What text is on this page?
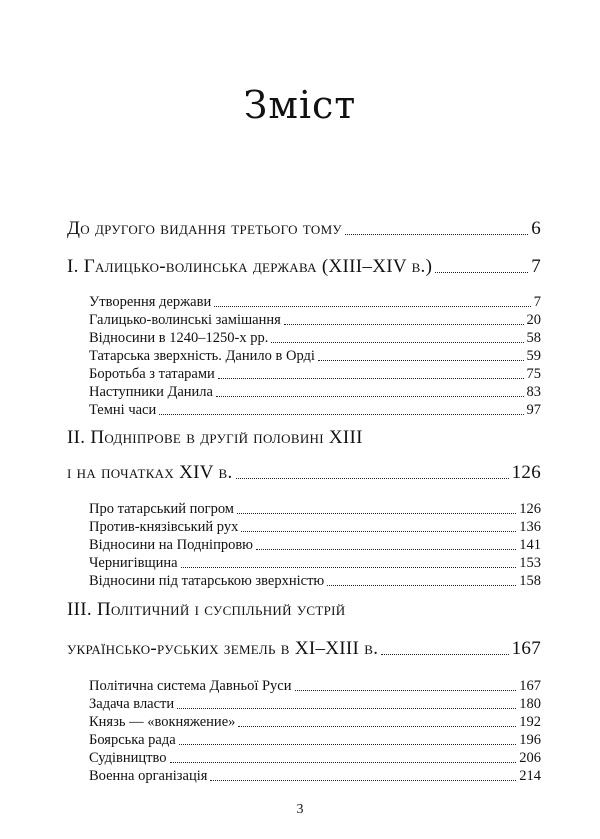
Зміст
До другого видання третього тому	6
I. Галицько-волинська держава (XIII–XIV в.)	7
Утворення держави	7
Галицько-волинські замішання	20
Відносини в 1240–1250-х рр.	58
Татарська зверхність. Данило в Орді	59
Боротьба з татарами	75
Наступники Данила	83
Темні часи	97
II. Подніпрове в другій половині XIII
і на початках XIV в.	126
Про татарський погром	126
Против-князівський рух	136
Відносини на Подніпровю	141
Чернигівщина	153
Відносини під татарською зверхністю	158
III. Політичний і суспільний устрій
українсько-руських земель в XI–XIII в.	167
Політична система Давньої Руси	167
Задача власти	180
Князь — «вокняжение»	192
Боярська рада	196
Судівництво	206
Военна організація	214
3
